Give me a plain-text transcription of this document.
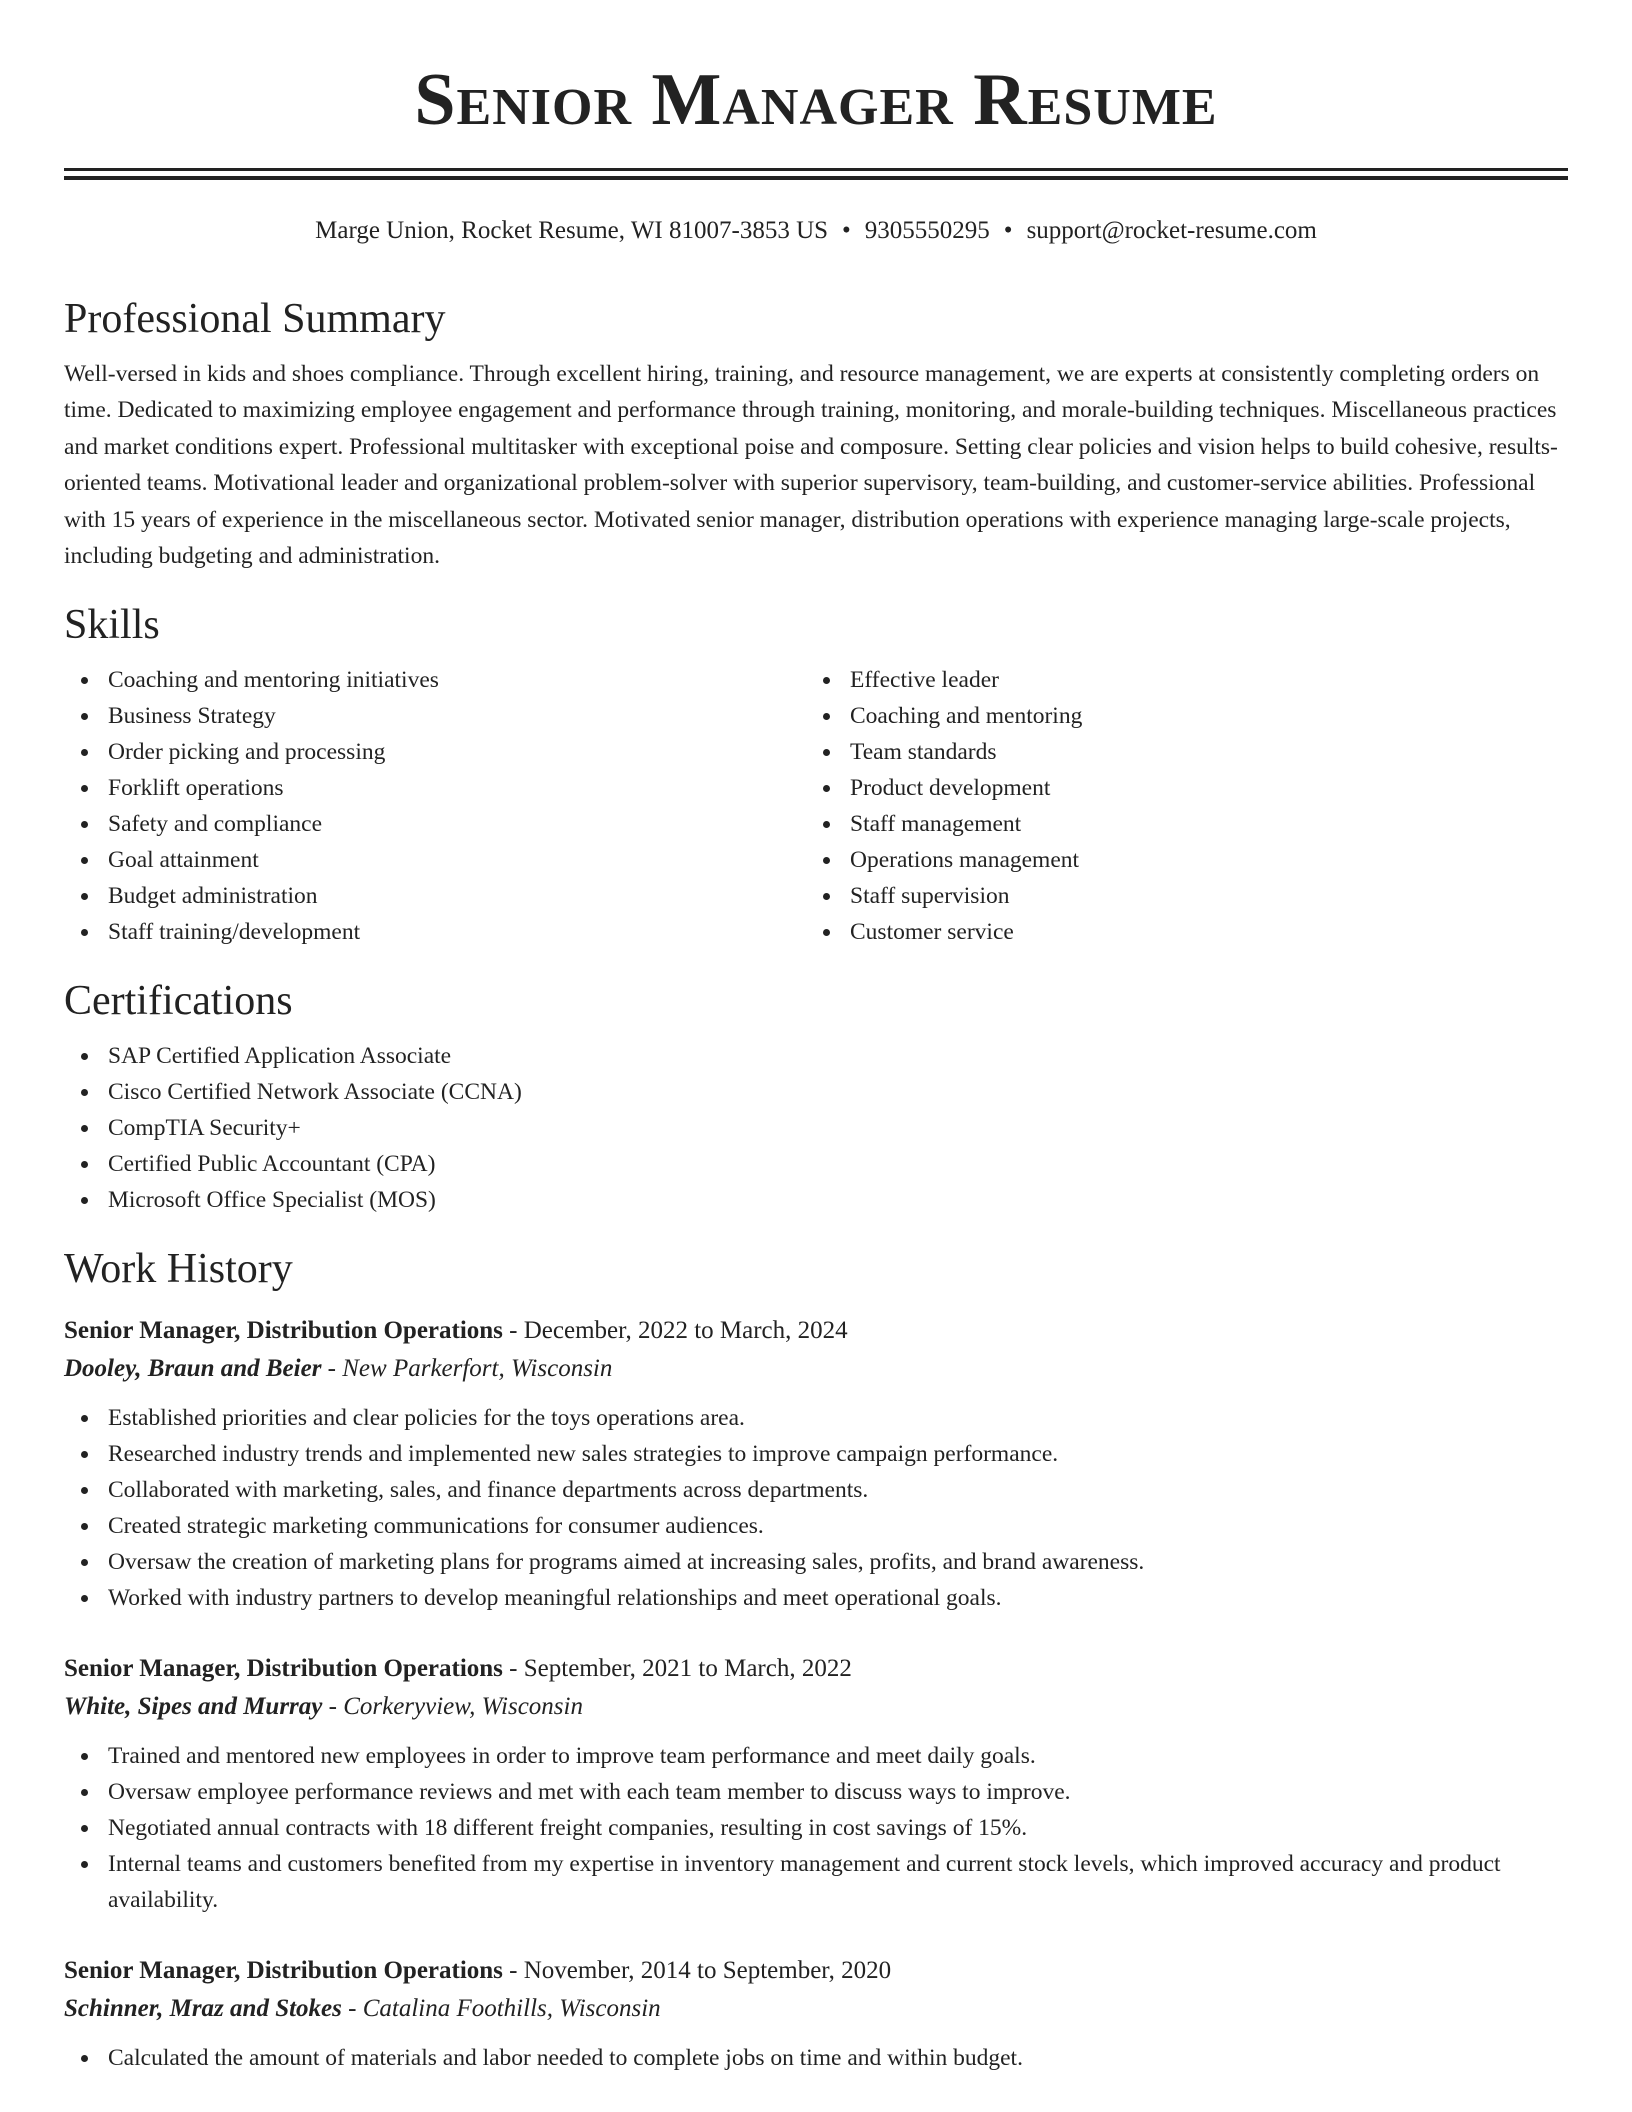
Senior Manager Resume
Marge Union, Rocket Resume, WI 81007-3853 US • 9305550295 • support@rocket-resume.com
Professional Summary

Well-versed in kids and shoes compliance. Through excellent hiring, training, and resource management, we are experts at consistently completing orders on time. Dedicated to maximizing employee engagement and performance through training, monitoring, and morale-building techniques. Miscellaneous practices and market conditions expert. Professional multitasker with exceptional poise and composure. Setting clear policies and vision helps to build cohesive, results-oriented teams. Motivational leader and organizational problem-solver with superior supervisory, team-building, and customer-service abilities. Professional with 15 years of experience in the miscellaneous sector. Motivated senior manager, distribution operations with experience managing large-scale projects, including budgeting and administration.

Skills
Coaching and mentoring initiatives
Business Strategy
Order picking and processing
Forklift operations
Safety and compliance
Goal attainment
Budget administration
Staff training/development
Effective leader
Coaching and mentoring
Team standards
Product development
Staff management
Operations management
Staff supervision
Customer service
Certifications
SAP Certified Application Associate
Cisco Certified Network Associate (CCNA)
CompTIA Security+
Certified Public Accountant (CPA)
Microsoft Office Specialist (MOS)
Work History
Senior Manager, Distribution Operations - December, 2022 to March, 2024
Dooley, Braun and Beier - New Parkerfort, Wisconsin
Established priorities and clear policies for the toys operations area.
Researched industry trends and implemented new sales strategies to improve campaign performance.
Collaborated with marketing, sales, and finance departments across departments.
Created strategic marketing communications for consumer audiences.
Oversaw the creation of marketing plans for programs aimed at increasing sales, profits, and brand awareness.
Worked with industry partners to develop meaningful relationships and meet operational goals.
Senior Manager, Distribution Operations - September, 2021 to March, 2022
White, Sipes and Murray - Corkeryview, Wisconsin
Trained and mentored new employees in order to improve team performance and meet daily goals.
Oversaw employee performance reviews and met with each team member to discuss ways to improve.
Negotiated annual contracts with 18 different freight companies, resulting in cost savings of 15%.
Internal teams and customers benefited from my expertise in inventory management and current stock levels, which improved accuracy and product availability.
Senior Manager, Distribution Operations - November, 2014 to September, 2020
Schinner, Mraz and Stokes - Catalina Foothills, Wisconsin
Calculated the amount of materials and labor needed to complete jobs on time and within budget.
